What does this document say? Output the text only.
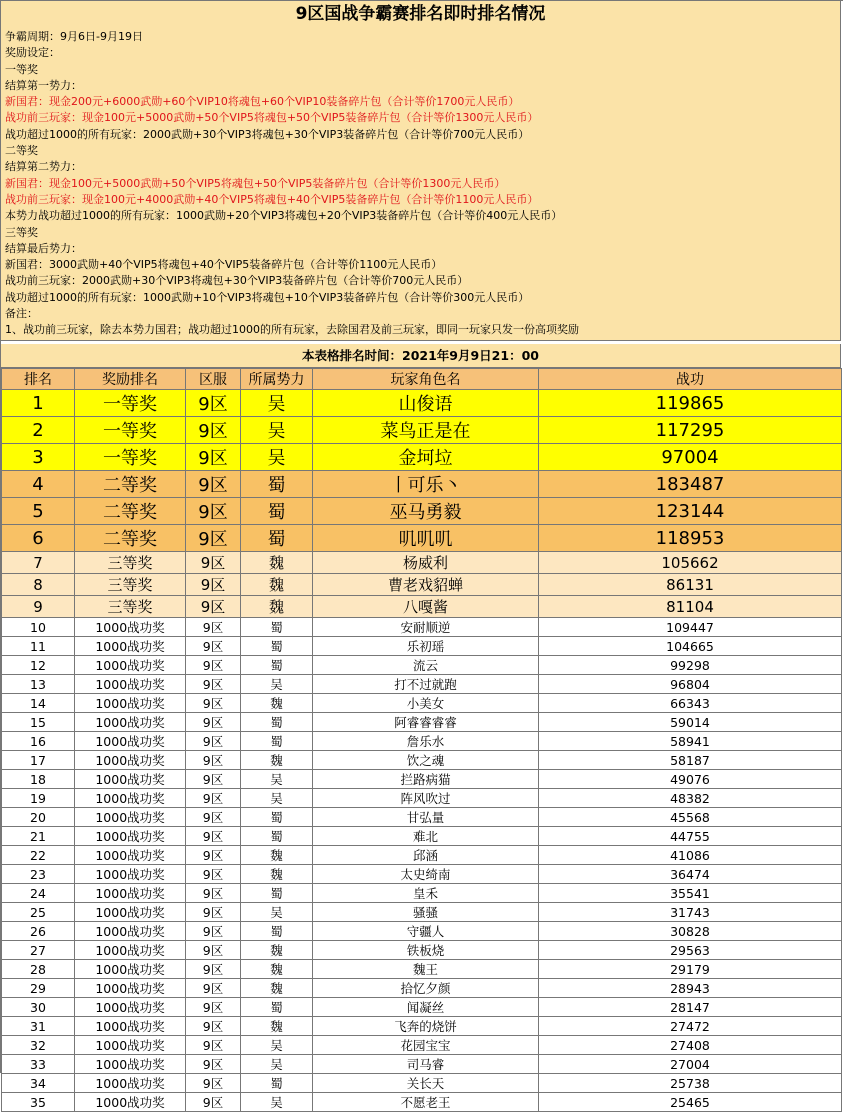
9区国战争霸赛排名即时排名情况
争霸周期：9月6日-9月19日
奖励设定：
一等奖
结算第一势力：
新国君：现金200元+6000武勋+60个VIP10将魂包+60个VIP10装备碎片包（合计等价1700元人民币）
战功前三玩家：现金100元+5000武勋+50个VIP5将魂包+50个VIP5装备碎片包（合计等价1300元人民币）
战功超过1000的所有玩家：2000武勋+30个VIP3将魂包+30个VIP3装备碎片包（合计等价700元人民币）
二等奖
结算第二势力：
新国君：现金100元+5000武勋+50个VIP5将魂包+50个VIP5装备碎片包（合计等价1300元人民币）
战功前三玩家：现金100元+4000武勋+40个VIP5将魂包+40个VIP5装备碎片包（合计等价1100元人民币）
本势力战功超过1000的所有玩家：1000武勋+20个VIP3将魂包+20个VIP3装备碎片包（合计等价400元人民币）
三等奖
结算最后势力：
新国君：3000武勋+40个VIP5将魂包+40个VIP5装备碎片包（合计等价1100元人民币）
战功前三玩家：2000武勋+30个VIP3将魂包+30个VIP3装备碎片包（合计等价700元人民币）
战功超过1000的所有玩家：1000武勋+10个VIP3将魂包+10个VIP3装备碎片包（合计等价300元人民币）
备注：
1、战功前三玩家，除去本势力国君；战功超过1000的所有玩家，去除国君及前三玩家，即同一玩家只发一份高项奖励
本表格排名时间：2021年9月9日21：00
排名	奖励排名	区服	所属势力	玩家角色名	战功
1	一等奖	9区	吴	山俊语	119865
2	一等奖	9区	吴	菜鸟正是在	117295
3	一等奖	9区	吴	金坷垃	97004
4	二等奖	9区	蜀	丨可乐丶	183487
5	二等奖	9区	蜀	巫马勇毅	123144
6	二等奖	9区	蜀	叽叽叽	118953
7	三等奖	9区	魏	杨威利	105662
8	三等奖	9区	魏	曹老戏貂蝉	86131
9	三等奖	9区	魏	八嘎酱	81104
10	1000战功奖	9区	蜀	安耐顺逆	109447
11	1000战功奖	9区	蜀	乐初瑶	104665
12	1000战功奖	9区	蜀	流云	99298
13	1000战功奖	9区	吴	打不过就跑	96804
14	1000战功奖	9区	魏	小美女	66343
15	1000战功奖	9区	蜀	阿睿睿睿睿	59014
16	1000战功奖	9区	蜀	詹乐水	58941
17	1000战功奖	9区	魏	饮之魂	58187
18	1000战功奖	9区	吴	拦路病猫	49076
19	1000战功奖	9区	吴	阵风吹过	48382
20	1000战功奖	9区	蜀	甘弘量	45568
21	1000战功奖	9区	蜀	难北	44755
22	1000战功奖	9区	魏	邱涵	41086
23	1000战功奖	9区	魏	太史绮南	36474
24	1000战功奖	9区	蜀	皇禾	35541
25	1000战功奖	9区	吴	骚骚	31743
26	1000战功奖	9区	蜀	守疆人	30828
27	1000战功奖	9区	魏	铁板烧	29563
28	1000战功奖	9区	魏	魏王	29179
29	1000战功奖	9区	魏	拾忆夕颜	28943
30	1000战功奖	9区	蜀	闻凝丝	28147
31	1000战功奖	9区	魏	飞奔的烧饼	27472
32	1000战功奖	9区	吴	花园宝宝	27408
33	1000战功奖	9区	吴	司马睿	27004
34	1000战功奖	9区	蜀	关长天	25738
35	1000战功奖	9区	吴	不愿老王	25465
